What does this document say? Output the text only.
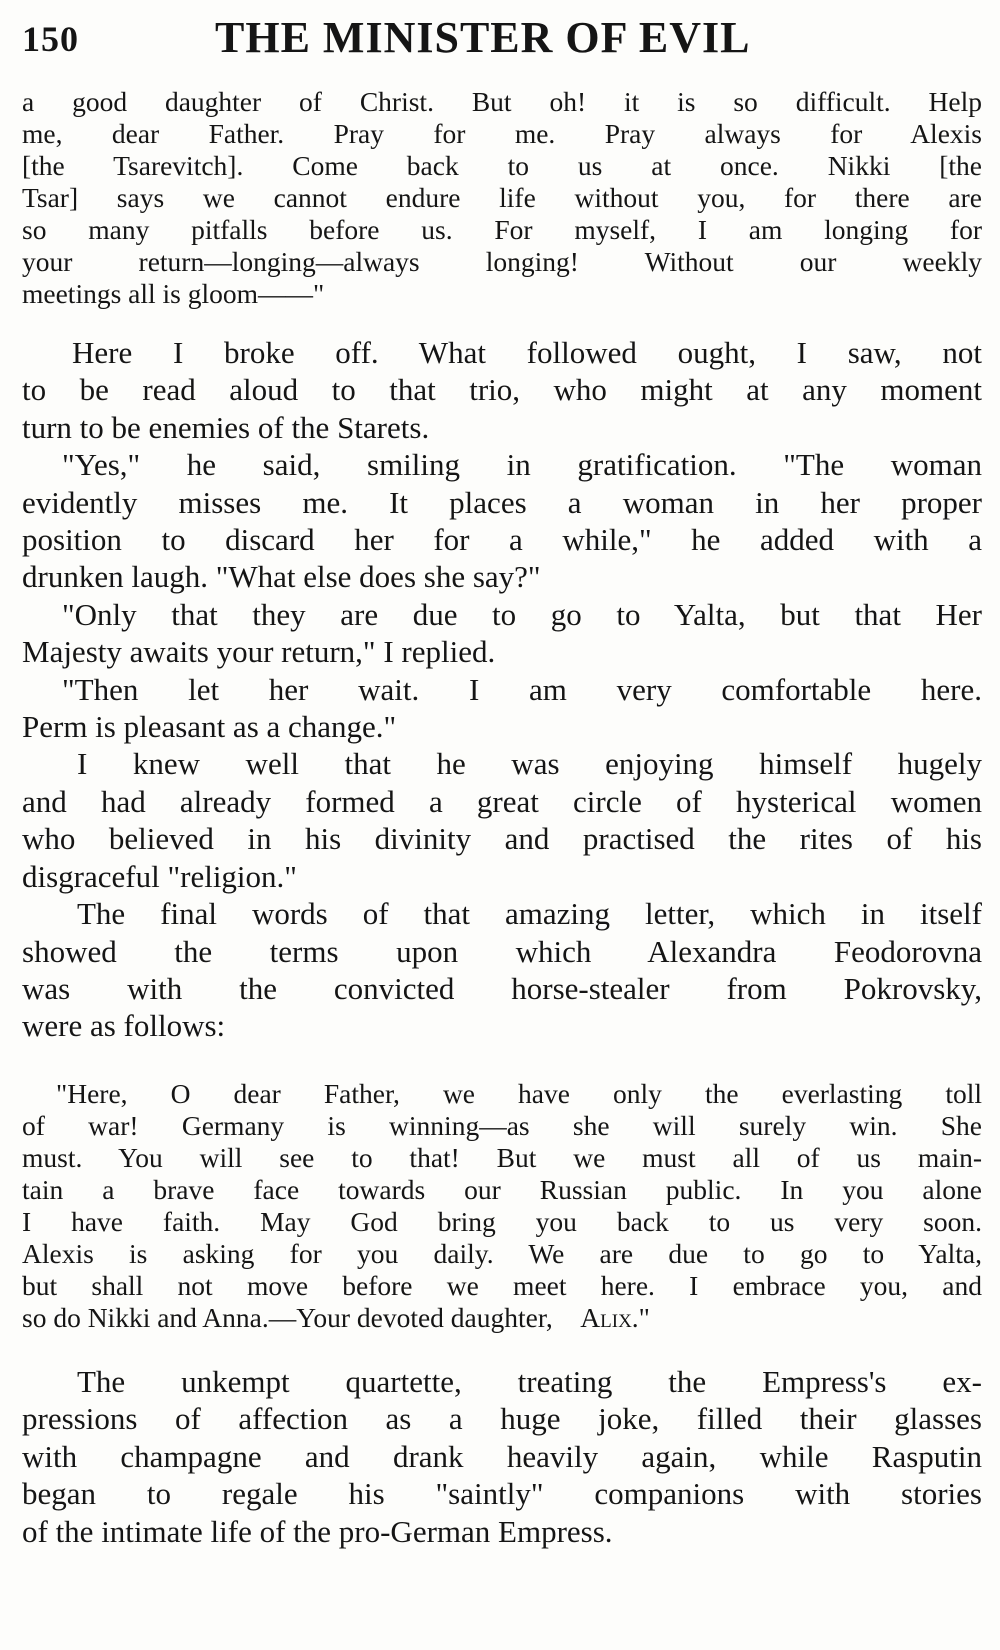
150	THE MINISTER OF EVIL
a good daughter of Christ. But oh! it is so difficult. Help
me, dear Father. Pray for me. Pray always for Alexis
[the Tsarevitch]. Come back to us at once. Nikki [the
Tsar] says we cannot endure life without you, for there are
so many pitfalls before us. For myself, I am longing for
your return—longing—always longing! Without our weekly
meetings all is gloom——"
Here I broke off. What followed ought, I saw, not
to be read aloud to that trio, who might at any moment
turn to be enemies of the Starets.
"Yes," he said, smiling in gratification. "The woman
evidently misses me. It places a woman in her proper
position to discard her for a while," he added with a
drunken laugh. "What else does she say?"
"Only that they are due to go to Yalta, but that Her
Majesty awaits your return," I replied.
"Then let her wait. I am very comfortable here.
Perm is pleasant as a change."
I knew well that he was enjoying himself hugely
and had already formed a great circle of hysterical women
who believed in his divinity and practised the rites of his
disgraceful "religion."
The final words of that amazing letter, which in itself
showed the terms upon which Alexandra Feodorovna
was with the convicted horse-stealer from Pokrovsky,
were as follows:
"Here, O dear Father, we have only the everlasting toll
of war! Germany is winning—as she will surely win. She
must. You will see to that! But we must all of us main-
tain a brave face towards our Russian public. In you alone
I have faith. May God bring you back to us very soon.
Alexis is asking for you daily. We are due to go to Yalta,
but shall not move before we meet here. I embrace you, and
so do Nikki and Anna.—Your devoted daughter, Alix."
The unkempt quartette, treating the Empress's ex-
pressions of affection as a huge joke, filled their glasses
with champagne and drank heavily again, while Rasputin
began to regale his "saintly" companions with stories
of the intimate life of the pro-German Empress.
